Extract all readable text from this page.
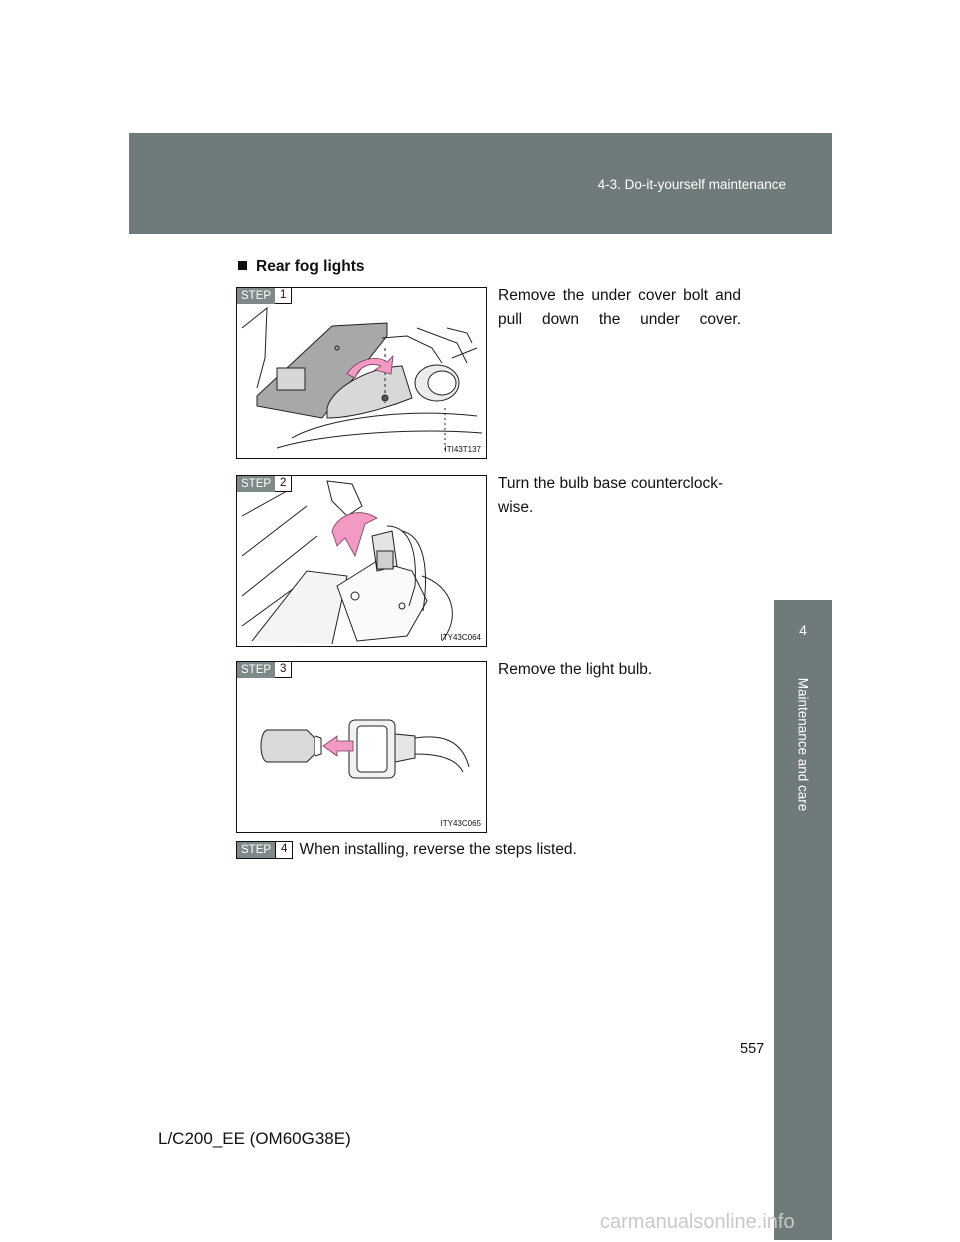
4-3. Do-it-yourself maintenance
4
Maintenance and care
Rear fog lights
STEP 1
ITI43T137
Remove the under cover bolt and pull down the under cover.
STEP 2
ITY43C064
Turn the bulb base counterclock-wise.
STEP 3
ITY43C065
Remove the light bulb.
STEP 4 When installing, reverse the steps listed.
557
L/C200_EE (OM60G38E)
carmanualsonline.info
